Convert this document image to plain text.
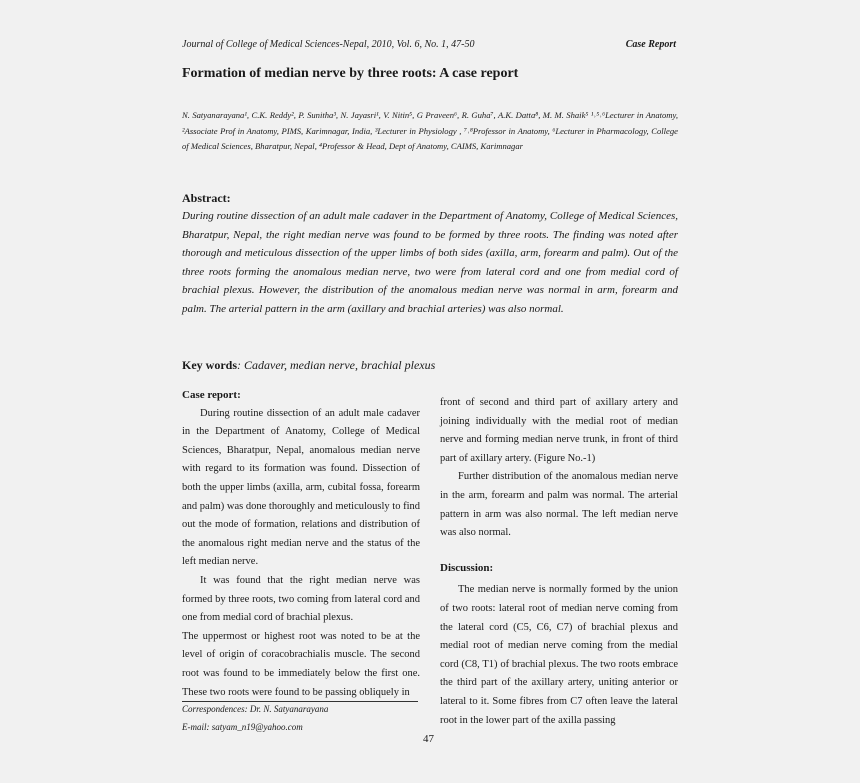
Journal of College of Medical Sciences-Nepal, 2010, Vol. 6, No. 1, 47-50	Case Report
Formation of median nerve by three roots: A case report
N. Satyanarayana¹, C.K. Reddy², P. Sunitha³, N. Jayasri¹, V. Nitin⁵, G Praveen⁶, R. Guha⁷, A.K. Datta⁸, M. M. Shaik⁵ ¹˒⁵˒⁶Lecturer in Anatomy, ²Associate Prof in Anatomy, PIMS, Karimnagar, India, ³Lecturer in Physiology , ⁷˒⁸Professor in Anatomy, ⁶Lecturer in Pharmacology, College of Medical Sciences, Bharatpur, Nepal, ⁴Professor & Head, Dept of Anatomy, CAIMS, Karimnagar
Abstract:
During routine dissection of an adult male cadaver in the Department of Anatomy, College of Medical Sciences, Bharatpur, Nepal, the right median nerve was found to be formed by three roots. The finding was noted after thorough and meticulous dissection of the upper limbs of both sides (axilla, arm, forearm and palm). Out of the three roots forming the anomalous median nerve, two were from lateral cord and one from medial cord of brachial plexus. However, the distribution of the anomalous median nerve was normal in arm, forearm and palm. The arterial pattern in the arm (axillary and brachial arteries) was also normal.
Key words: Cadaver, median nerve, brachial plexus

Case report:

During routine dissection of an adult male cadaver in the Department of Anatomy, College of Medical Sciences, Bharatpur, Nepal, anomalous median nerve with regard to its formation was found. Dissection of both the upper limbs (axilla, arm, cubital fossa, forearm and palm) was done thoroughly and meticulously to find out the mode of formation, relations and distribution of the anomalous right median nerve and the status of the left median nerve.

It was found that the right median nerve was formed by three roots, two coming from lateral cord and one from medial cord of brachial plexus.

The uppermost or highest root was noted to be at the level of origin of coracobrachialis muscle. The second root was found to be immediately below the first one. These two roots were found to be passing obliquely in

front of second and third part of axillary artery and joining individually with the medial root of median nerve and forming median nerve trunk, in front of third part of axillary artery. (Figure No.-1)

Further distribution of the anomalous median nerve in the arm, forearm and palm was normal. The arterial pattern in arm was also normal. The left median nerve was also normal.

Discussion:

The median nerve is normally formed by the union of two roots: lateral root of median nerve coming from the lateral cord (C5, C6, C7) of brachial plexus and medial root of median nerve coming from the medial cord (C8, T1) of brachial plexus. The two roots embrace the third part of the axillary artery, uniting anterior or lateral to it. Some fibres from C7 often leave the lateral root in the lower part of the axilla passing

Correspondences: Dr. N. Satyanarayana
E-mail: satyam_n19@yahoo.com
47
